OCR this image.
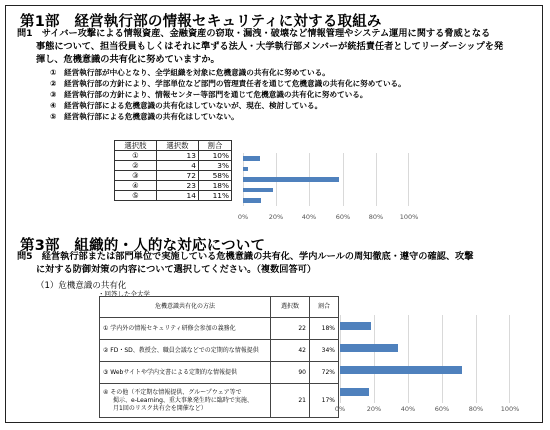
第1部　経営執行部の情報セキュリティに対する取組み
問1　サイバー攻撃による情報資産、金融資産の窃取・漏洩・破壊など情報管理やシステム運用に関する脅威となる
事態について、担当役員もしくはそれに準ずる法人・大学執行部メンバーが統括責任者としてリーダーシップを発
揮し、危機意識の共有化に努めていますか。
①　経営執行部が中心となり、全学組織を対象に危機意識の共有化に努めている。
②　経営執行部の方針により、学部単位など部門の管理責任者を通じて危機意識の共有化に努めている。
③　経営執行部の方針により、情報センター等部門を通じて危機意識の共有化に努めている。
④　経営執行部による危機意識の共有化はしていないが、現在、検討している。
⑤　経営執行部による危機意識の共有化はしていない。
選択肢	選択数	割合
①	13	10%
②	4	3%
③	72	58%
④	23	18%
⑤	14	11%
0%	20%	40%	60%	80%	100%
第3部　組織的・人的な対応について
問5　経営執行部または部門単位で実施している危機意識の共有化、学内ルールの周知徹底・遵守の確認、攻撃
に対する防御対策の内容について選択してください。（複数回答可）
（1）危機意識の共有化
・回答した全大学
危機意識共有化の方法	選択数	割合
① 学内外の情報セキュリティ研修会参加の義務化	22	18%
② FD・SD、教授会、職員会議などでの定期的な情報提供	42	34%
③ Webサイトや学内文書による定期的な情報提供	90	72%

④ その他（不定期な情報提供、グループウェア等で
掲示、e-Learning、重大事象発生時に臨時で実施、
月1回のリスク共有会を開催など）	21	17%
0%	20%	40%	60%	80%	100%
